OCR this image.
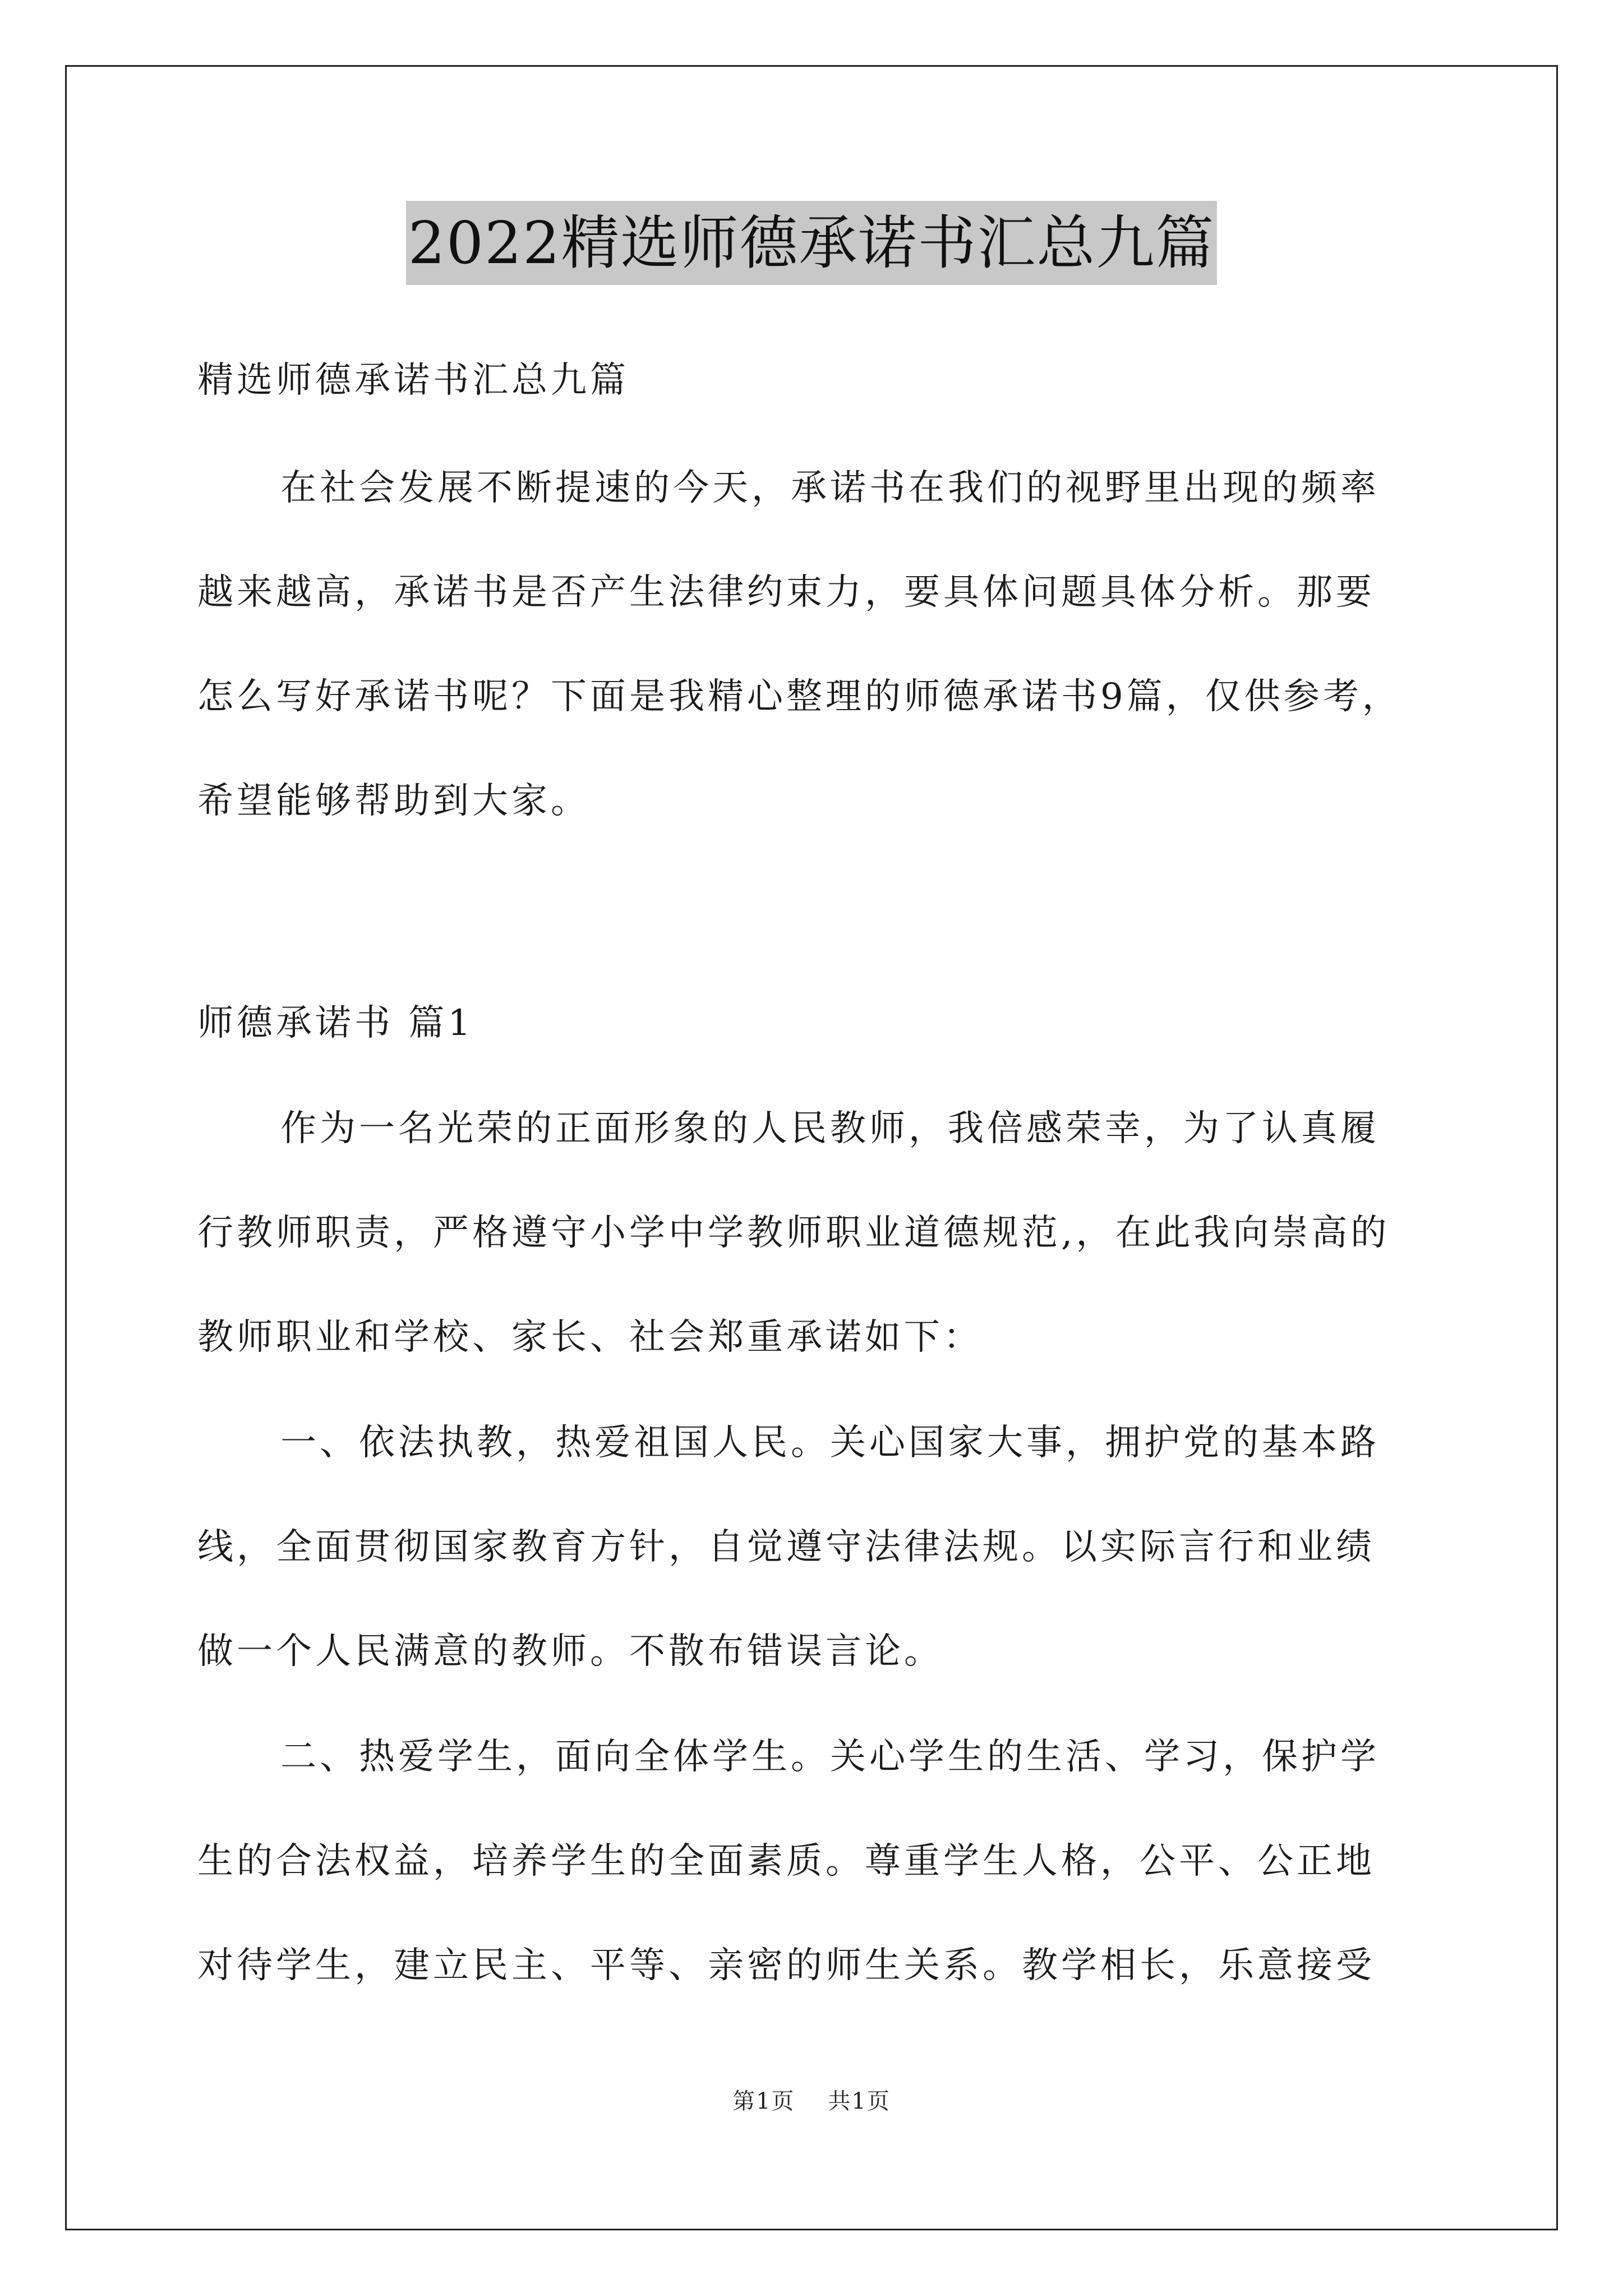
2022精选师德承诺书汇总九篇
精选师德承诺书汇总九篇
在社会发展不断提速的今天，承诺书在我们的视野里出现的频率
越来越高，承诺书是否产生法律约束力，要具体问题具体分析。那要
怎么写好承诺书呢？下面是我精心整理的师德承诺书9篇，仅供参考，
希望能够帮助到大家。
师德承诺书 篇1
作为一名光荣的正面形象的人民教师，我倍感荣幸，为了认真履
行教师职责，严格遵守小学中学教师职业道德规范,，在此我向崇高的
教师职业和学校、家长、社会郑重承诺如下：
一、依法执教，热爱祖国人民。关心国家大事，拥护党的基本路
线，全面贯彻国家教育方针，自觉遵守法律法规。以实际言行和业绩
做一个人民满意的教师。不散布错误言论。
二、热爱学生，面向全体学生。关心学生的生活、学习，保护学
生的合法权益，培养学生的全面素质。尊重学生人格，公平、公正地
对待学生，建立民主、平等、亲密的师生关系。教学相长，乐意接受
第1页    共1页
